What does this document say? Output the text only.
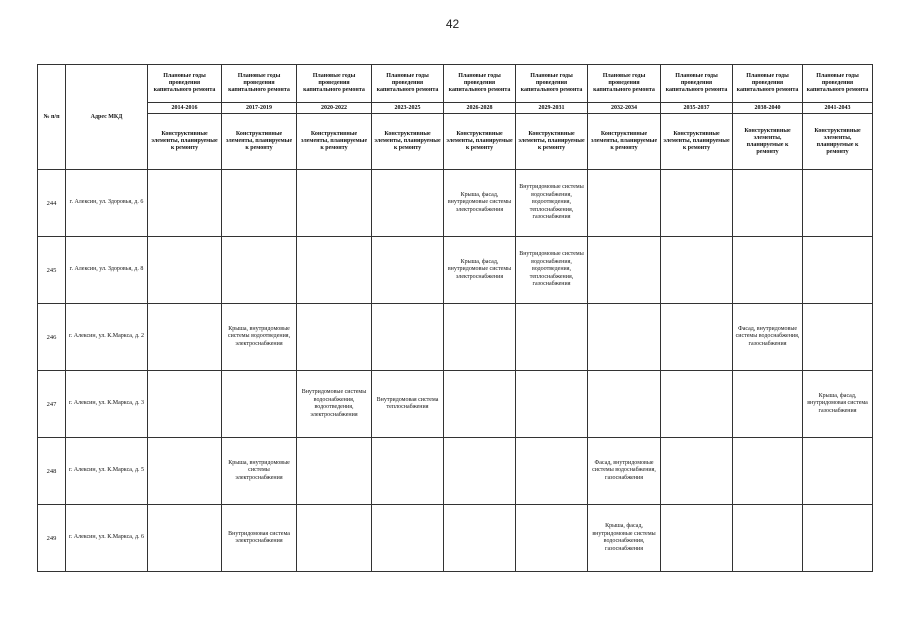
42
№ п/п	Адрес МКД	Плановые годы проведения капитального ремонта	Плановые годы проведения капитального ремонта	Плановые годы проведения капитального ремонта	Плановые годы проведения капитального ремонта	Плановые годы проведения капитального ремонта	Плановые годы проведения капитального ремонта	Плановые годы проведения капитального ремонта	Плановые годы проведения капитального ремонта	Плановые годы проведения капитального ремонта	Плановые годы проведения капитального ремонта
		2014-2016	2017-2019	2020-2022	2023-2025	2026-2028	2029-2031	2032-2034	2035-2037	2038-2040	2041-2043
		Конструктивные элементы, планируемые к ремонту	Конструктивные элементы, планируемые к ремонту	Конструктивные элементы, планируемые к ремонту	Конструктивные элементы, планируемые к ремонту	Конструктивные элементы, планируемые к ремонту	Конструктивные элементы, планируемые к ремонту	Конструктивные элементы, планируемые к ремонту	Конструктивные элементы, планируемые к ремонту	Конструктивные элементы, планируемые к ремонту	Конструктивные элементы, планируемые к ремонту
244	г. Алексин, ул. Здоровья, д. 6					Крыша, фасад, внутридомовые системы электроснабжения	Внутридомовые системы водоснабжения, водоотведения, теплоснабжения, газоснабжения				
245	г. Алексин, ул. Здоровья, д. 8					Крыша, фасад, внутридомовые системы электроснабжения	Внутридомовые системы водоснабжения, водоотведения, теплоснабжения, газоснабжения				
246	г. Алексин, ул. К.Маркса, д. 2		Крыша, внутридомовые системы водоотведения, электроснабжения							Фасад, внутридомовые системы водоснабжения, газоснабжения	
247	г. Алексин, ул. К.Маркса, д. 3			Внутридомовые системы водоснабжения, водоотведения, электроснабжения	Внутридомовая система теплоснабжения						Крыша, фасад, внутридомовая система газоснабжения
248	г. Алексин, ул. К.Маркса, д. 5		Крыша, внутридомовые системы электроснабжения					Фасад, внутридомовые системы водоснабжения, газоснабжения			
249	г. Алексин, ул. К.Маркса, д. 6		Внутридомовая система электроснабжения					Крыша, фасад, внутридомовые системы водоснабжения, газоснабжения			
